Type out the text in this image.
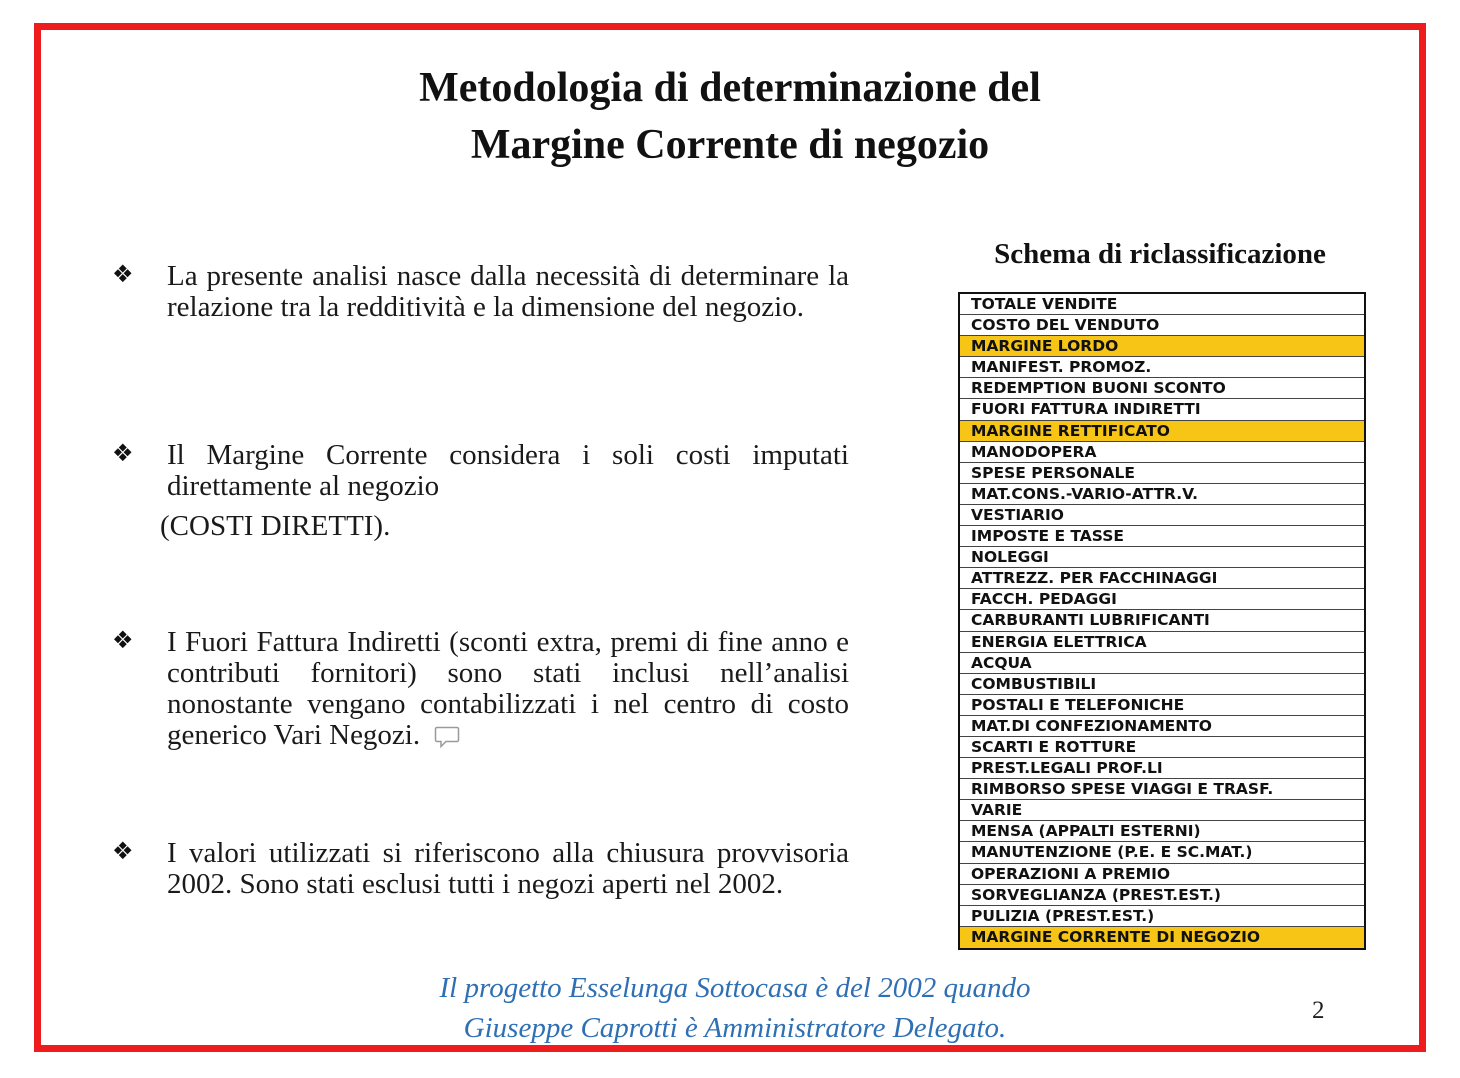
Metodologia di determinazione del
Margine Corrente di negozio
❖ La presente analisi nasce dalla necessità di determinare la relazione tra la redditività e la dimensione del negozio.
❖ Il Margine Corrente considera i soli costi imputati direttamente al negozio
(COSTI DIRETTI).
❖ I Fuori Fattura Indiretti (sconti extra, premi di fine anno e contributi fornitori) sono stati inclusi nell’analisi nonostante vengano contabilizzati i nel centro di costo generico Vari Negozi.
❖ I valori utilizzati si riferiscono alla chiusura provvisoria 2002. Sono stati esclusi tutti i negozi aperti nel 2002.
Schema di riclassificazione
TOTALE VENDITE
COSTO DEL VENDUTO
MARGINE LORDO
MANIFEST. PROMOZ.
REDEMPTION BUONI SCONTO
FUORI FATTURA INDIRETTI
MARGINE RETTIFICATO
MANODOPERA
SPESE PERSONALE
MAT.CONS.-VARIO-ATTR.V.
VESTIARIO
IMPOSTE E TASSE
NOLEGGI
ATTREZZ. PER FACCHINAGGI
FACCH. PEDAGGI
CARBURANTI LUBRIFICANTI
ENERGIA ELETTRICA
ACQUA
COMBUSTIBILI
POSTALI E TELEFONICHE
MAT.DI CONFEZIONAMENTO
SCARTI E ROTTURE
PREST.LEGALI PROF.LI
RIMBORSO SPESE VIAGGI E TRASF.
VARIE
MENSA (APPALTI ESTERNI)
MANUTENZIONE (P.E. E SC.MAT.)
OPERAZIONI A PREMIO
SORVEGLIANZA (PREST.EST.)
PULIZIA (PREST.EST.)
MARGINE CORRENTE DI NEGOZIO
Il progetto Esselunga Sottocasa è del 2002 quando
Giuseppe Caprotti è Amministratore Delegato.
2
